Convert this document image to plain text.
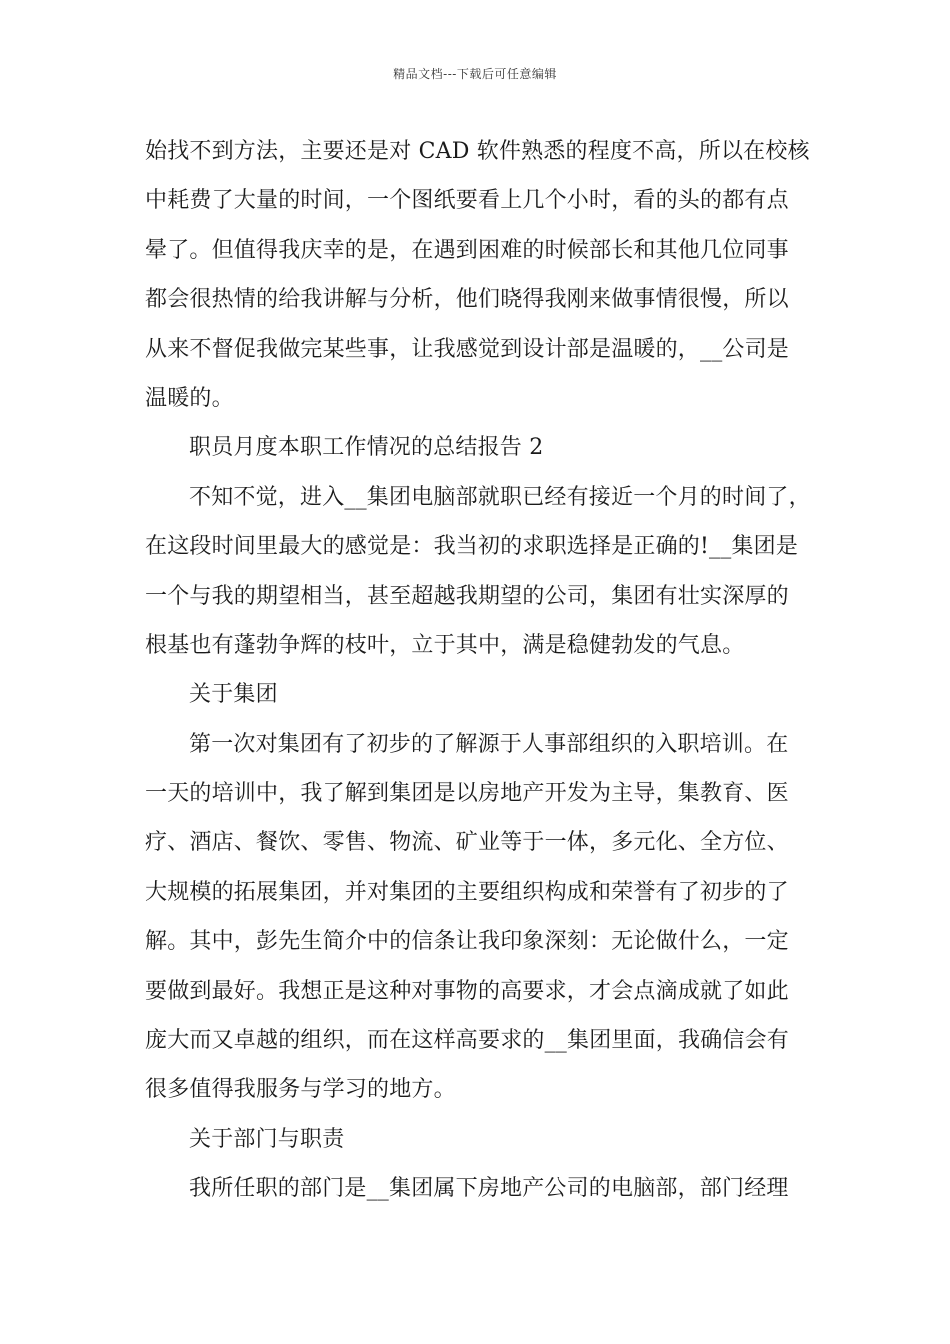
精品文档---下载后可任意编辑
始找不到方法，主要还是对 CAD 软件熟悉的程度不高，所以在校核
中耗费了大量的时间，一个图纸要看上几个小时，看的头的都有点
晕了。但值得我庆幸的是，在遇到困难的时候部长和其他几位同事
都会很热情的给我讲解与分析，他们晓得我刚来做事情很慢，所以
从来不督促我做完某些事，让我感觉到设计部是温暖的，__公司是
温暖的。
职员月度本职工作情况的总结报告 2
不知不觉，进入__集团电脑部就职已经有接近一个月的时间了，
在这段时间里最大的感觉是：我当初的求职选择是正确的!__集团是
一个与我的期望相当，甚至超越我期望的公司，集团有壮实深厚的
根基也有蓬勃争辉的枝叶，立于其中，满是稳健勃发的气息。
关于集团
第一次对集团有了初步的了解源于人事部组织的入职培训。在
一天的培训中，我了解到集团是以房地产开发为主导，集教育、医
疗、酒店、餐饮、零售、物流、矿业等于一体，多元化、全方位、
大规模的拓展集团，并对集团的主要组织构成和荣誉有了初步的了
解。其中，彭先生简介中的信条让我印象深刻：无论做什么，一定
要做到最好。我想正是这种对事物的高要求，才会点滴成就了如此
庞大而又卓越的组织，而在这样高要求的__集团里面，我确信会有
很多值得我服务与学习的地方。
关于部门与职责
我所任职的部门是__集团属下房地产公司的电脑部，部门经理
